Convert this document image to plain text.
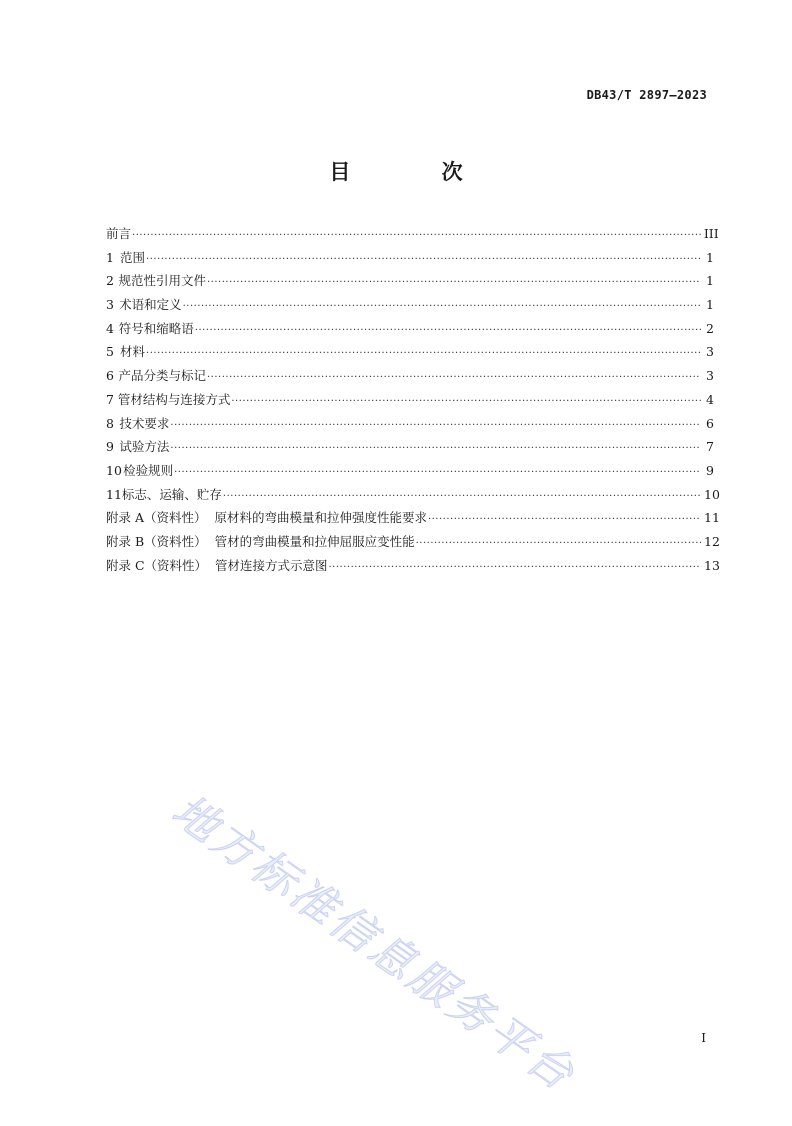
DB43/T 2897—2023
目 次
前言 ·····	III
1 范围 ·····	1
2 规范性引用文件 ·····	1
3 术语和定义 ·····	1
4 符号和缩略语 ·····	2
5 材料 ·····	3
6 产品分类与标记 ·····	3
7 管材结构与连接方式 ·····	4
8 技术要求 ·····	6
9 试验方法 ·····	7
10 检验规则 ·····	9
11 标志、运输、贮存 ·····	10
附录 A（资料性）  原材料的弯曲模量和拉伸强度性能要求 ·····	11
附录 B（资料性）  管材的弯曲模量和拉伸屈服应变性能 ·····	12
附录 C（资料性）  管材连接方式示意图 ·····	13
地方标准信息服务平台	I
